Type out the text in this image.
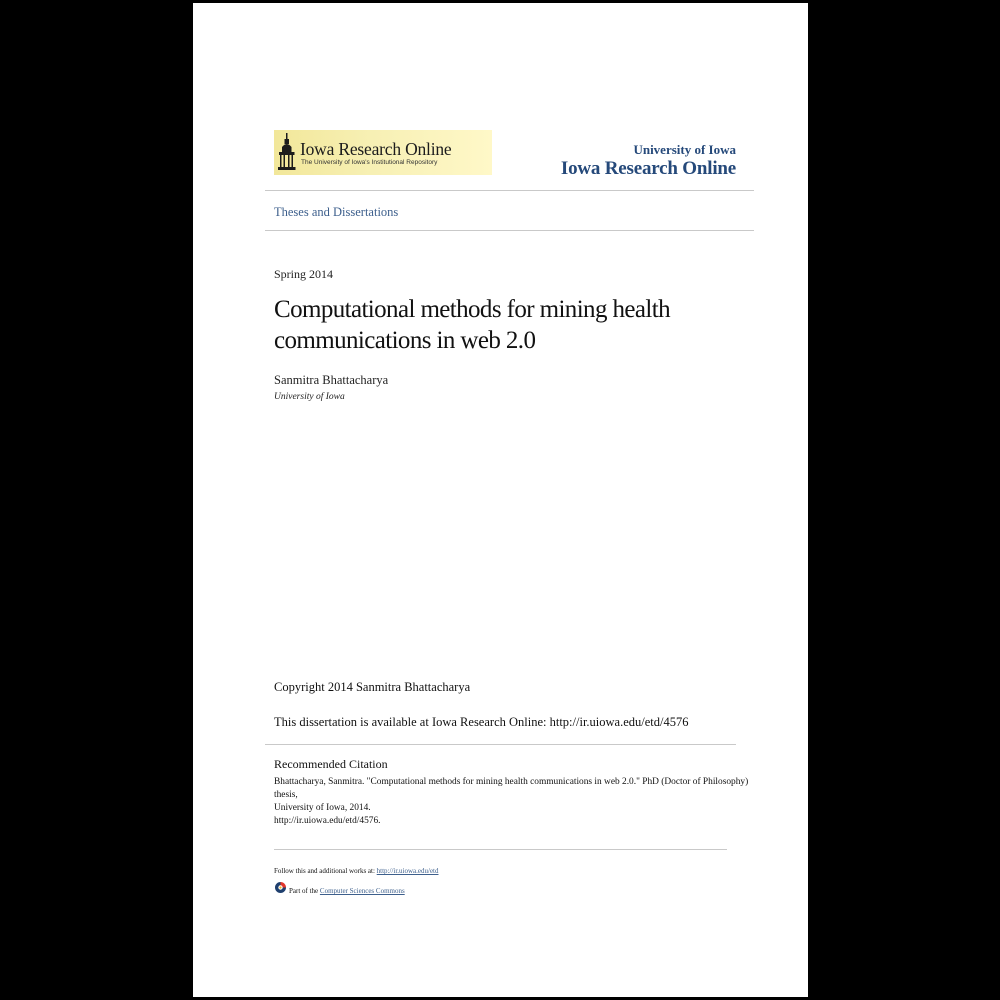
Iowa Research Online
The University of Iowa's Institutional Repository
University of Iowa
Iowa Research Online
Theses and Dissertations
Spring 2014
Computational methods for mining health communications in web 2.0
Sanmitra Bhattacharya
University of Iowa
Copyright 2014 Sanmitra Bhattacharya
This dissertation is available at Iowa Research Online: http://ir.uiowa.edu/etd/4576
Recommended Citation
Bhattacharya, Sanmitra. "Computational methods for mining health communications in web 2.0." PhD (Doctor of Philosophy) thesis,
University of Iowa, 2014.
http://ir.uiowa.edu/etd/4576.
Follow this and additional works at: http://ir.uiowa.edu/etd
Part of the Computer Sciences Commons
